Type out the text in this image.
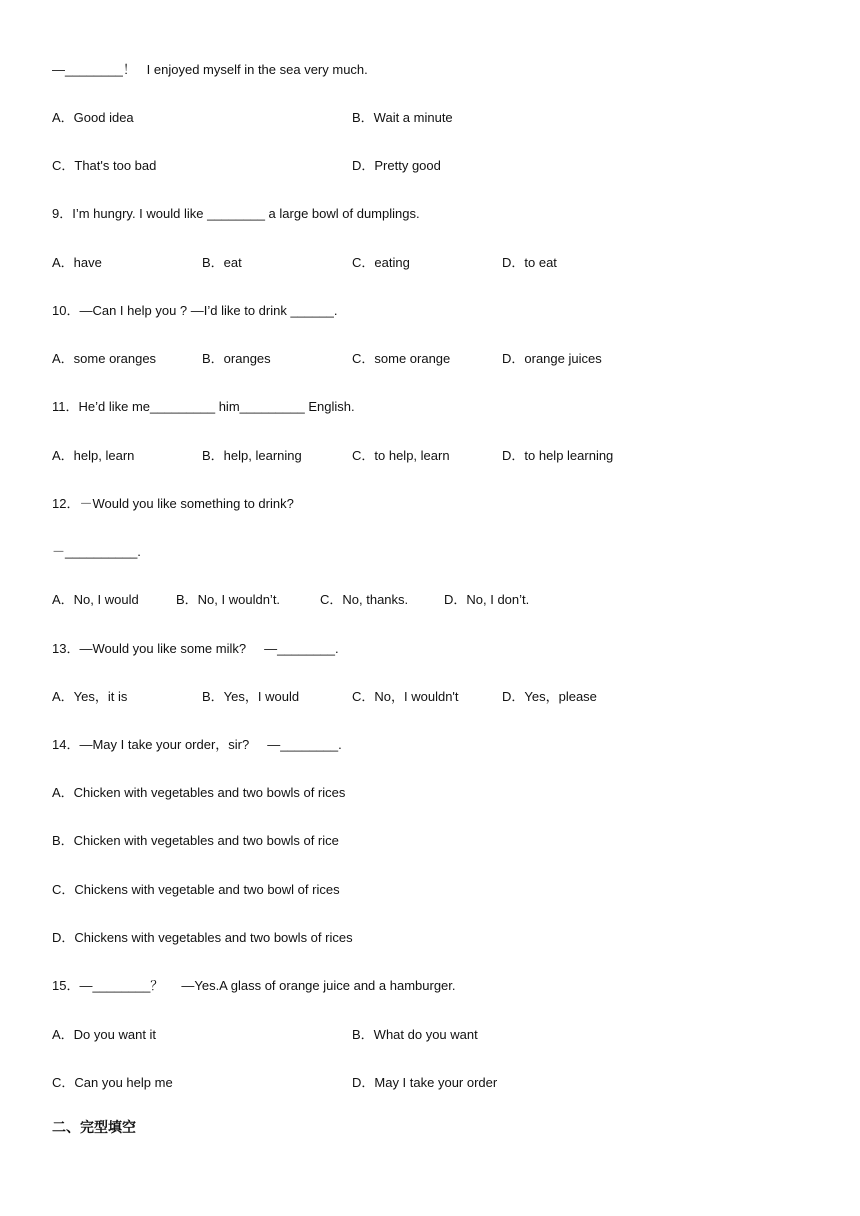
—________！   I enjoyed myself in the sea very much.
A．Good idea	B．Wait a minute
C．That's too bad	D．Pretty good
9．I’m hungry. I would like ________ a large bowl of dumplings.
A．have	B．eat	C．eating	D．to eat
10．—Can I help you ? —I’d like to drink ______.
A．some oranges	B．oranges	C．some orange	D．orange juices
11．He’d like me_________ him_________ English.
A．help, learn	B．help, learning	C．to help, learn	D．to help learning
12．－Would you like something to drink?
－__________.
A．No, I would	B．No, I wouldn’t.	C．No, thanks.	D．No, I don’t.
13．—Would you like some milk?     —________.
A．Yes，it is	B．Yes，I would	C．No，I wouldn't	D．Yes，please
14．—May I take your order，sir?     —________.
A．Chicken with vegetables and two bowls of rices
B．Chicken with vegetables and two bowls of rice
C．Chickens with vegetable and two bowl of rices
D．Chickens with vegetables and two bowls of rices
15．—________？     —Yes.A glass of orange juice and a hamburger.
A．Do you want it	B．What do you want
C．Can you help me	D．May I take your order
二、完型填空
